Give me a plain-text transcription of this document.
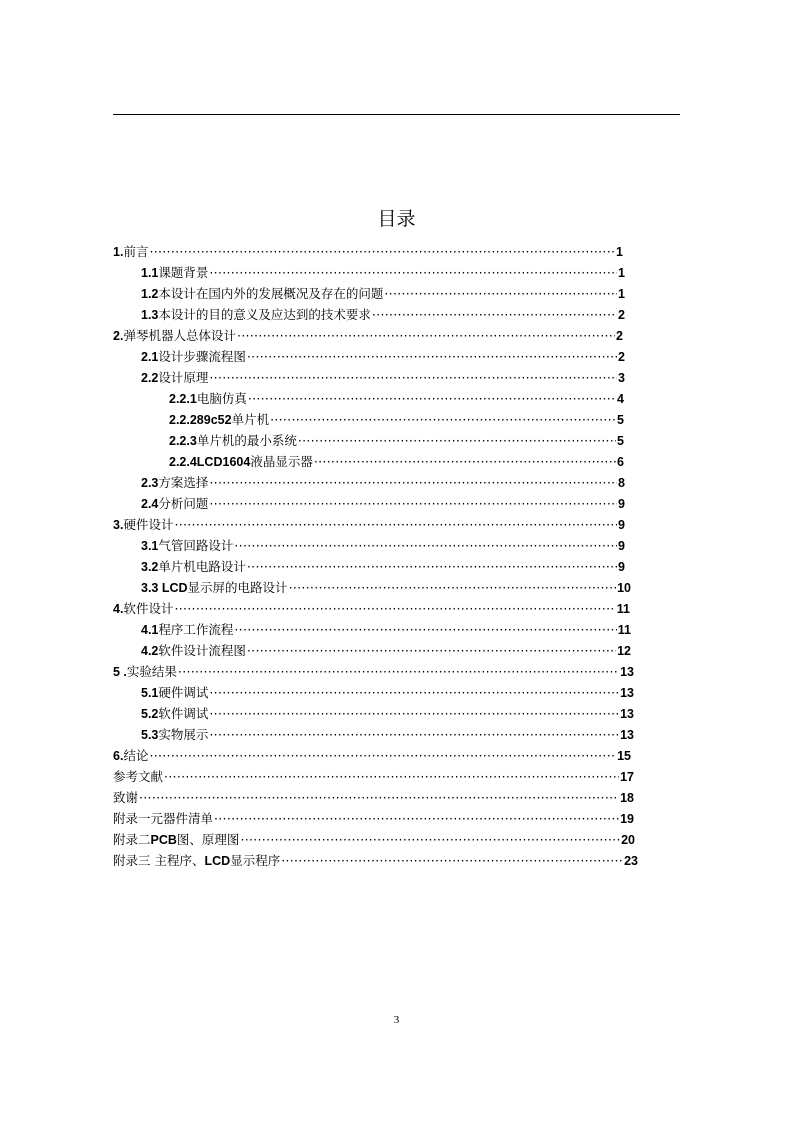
目录
1. 前言 ·····	1
1.1 课题背景 ·····	1
1.2 本设计在国内外的发展概况及存在的问题 ·····	1
1.3 本设计的目的意义及应达到的技术要求 ·····	2
2. 弹琴机器人总体设计 ·····	2
2.1 设计步骤流程图 ·····	2
2.2 设计原理 ·····	3
2.2.1 电脑仿真 ·····	4
2.2.289c52 单片机 ·····	5
2.2.3 单片机的最小系统 ·····	5
2.2.4LCD1604 液晶显示器 ·····	6
2.3 方案选择 ·····	8
2.4 分析问题 ·····	9
3. 硬件设计 ·····	9
3.1 气管回路设计 ·····	9
3.2 单片机电路设计 ·····	9
3.3 LCD 显示屏的电路设计 ·····	10
4. 软件设计 ·····	11
4.1 程序工作流程 ·····	11
4.2 软件设计流程图 ·····	12
5 . 实验结果 ·····	13
5.1 硬件调试 ·····	13
5.2 软件调试 ·····	13
5.3 实物展示 ·····	13
6. 结论 ·····	15
参考文献 ·····	17
致谢 ·····	18
附录一元器件清单 ·····	19
附录二 PCB 图、原理图 ·····	20
附录三 主程序、 LCD 显示程序 ·····	23
3
